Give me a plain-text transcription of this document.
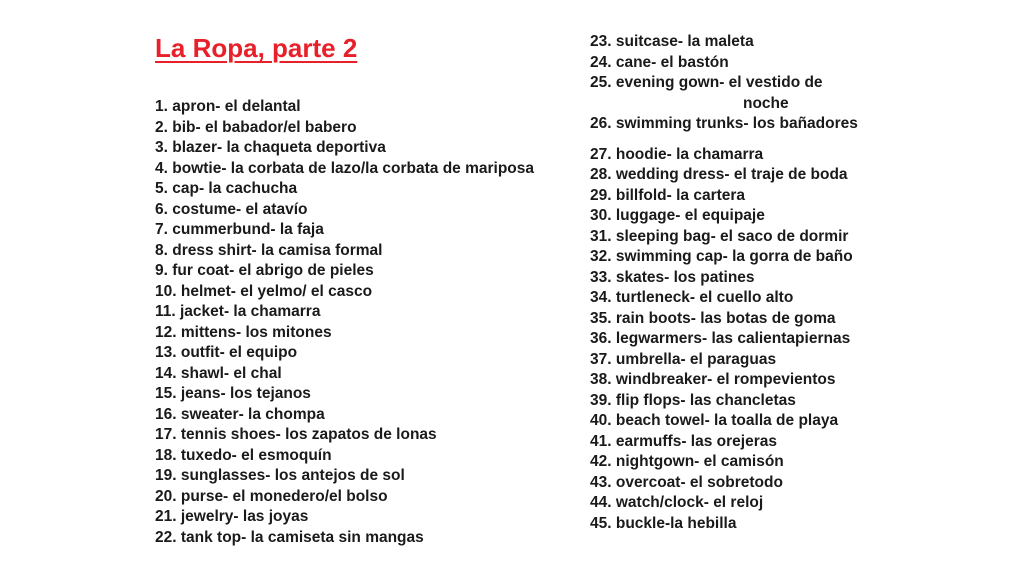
La Ropa, parte 2
1. apron- el delantal
2. bib- el babador/el babero
3. blazer- la chaqueta deportiva
4. bowtie- la corbata de lazo/la corbata de mariposa
5. cap- la cachucha
6. costume- el atavío
7. cummerbund- la faja
8. dress shirt- la camisa formal
9. fur coat- el abrigo de pieles
10. helmet- el yelmo/ el casco
11. jacket- la chamarra
12. mittens- los mitones
13. outfit- el equipo
14. shawl- el chal
15. jeans- los tejanos
16. sweater- la chompa
17. tennis shoes- los zapatos de lonas
18. tuxedo- el esmoquín
19. sunglasses- los antejos de sol
20. purse- el monedero/el bolso
21. jewelry- las joyas
22. tank top- la camiseta sin mangas
23. suitcase- la maleta
24. cane- el bastón
25. evening gown- el vestido de
noche
26. swimming trunks- los bañadores
27. hoodie- la chamarra
28. wedding dress- el traje de boda
29. billfold- la cartera
30. luggage- el equipaje
31. sleeping bag- el saco de dormir
32. swimming cap- la gorra de baño
33. skates- los patines
34. turtleneck- el cuello alto
35. rain boots- las botas de goma
36. legwarmers- las calientapiernas
37. umbrella- el paraguas
38. windbreaker- el rompevientos
39. flip flops- las chancletas
40. beach towel- la toalla de playa
41. earmuffs- las orejeras
42. nightgown- el camisón
43. overcoat- el sobretodo
44. watch/clock- el reloj
45. buckle-la hebilla
